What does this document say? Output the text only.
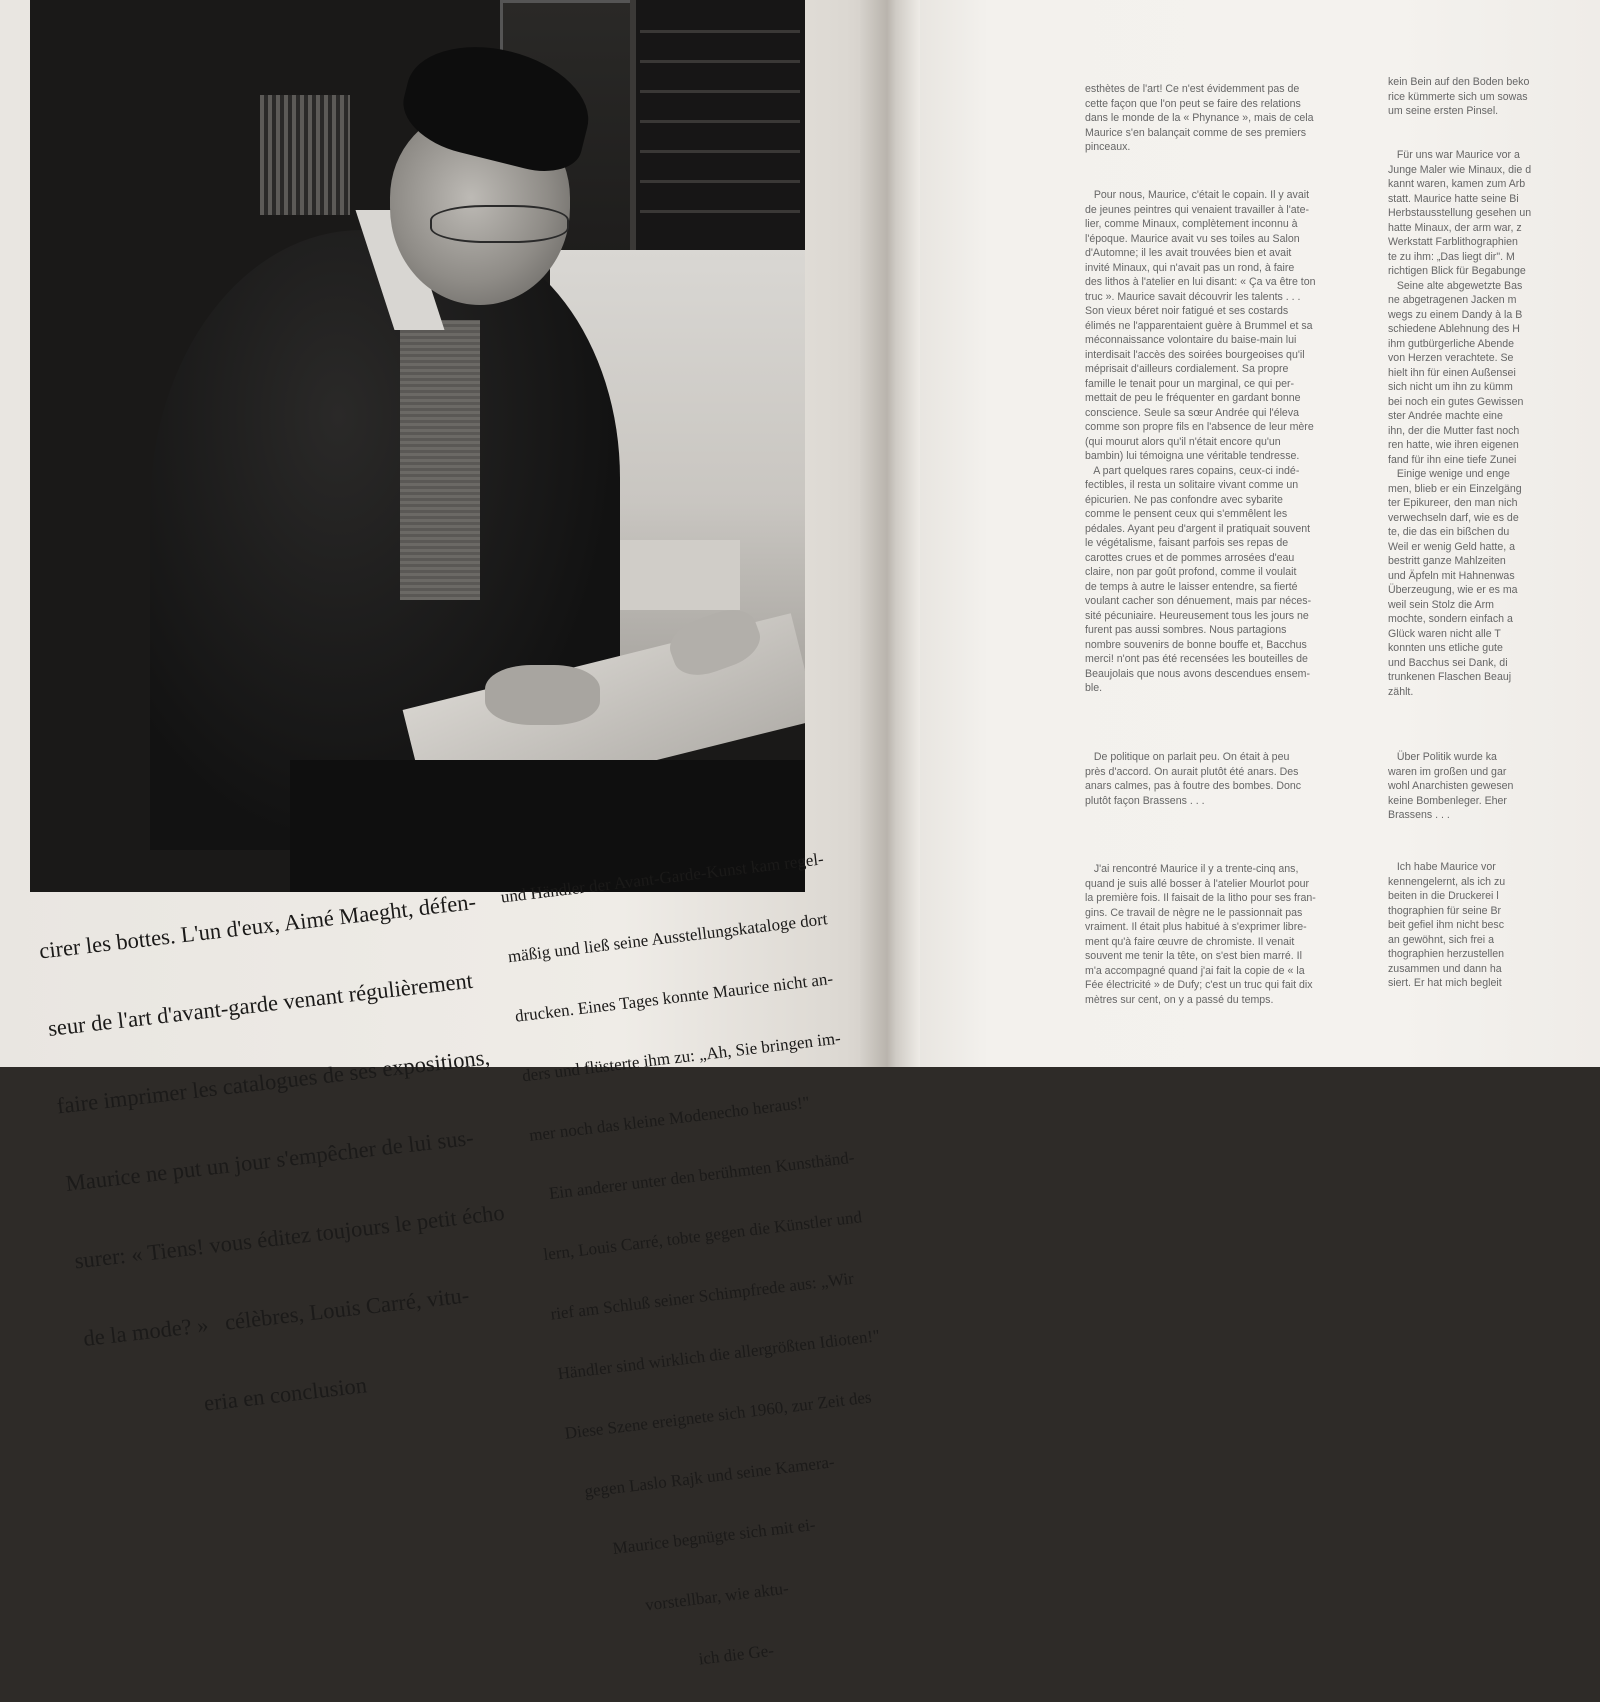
cirer les bottes. L'un d'eux, Aimé Maeght, défen-

seur de l'art d'avant-garde venant régulièrement

faire imprimer les catalogues de ses expositions,

Maurice ne put un jour s'empêcher de lui sus-

surer: « Tiens! vous éditez toujours le petit écho

de la mode? »   célèbres, Louis Carré, vitu-

eria en conclusion

und Händler der Avant-Garde-Kunst kam regel-

mäßig und ließ seine Ausstellungskataloge dort

drucken. Eines Tages konnte Maurice nicht an-

ders und flüsterte ihm zu: „Ah, Sie bringen im-

mer noch das kleine Modenecho heraus!"

Ein anderer unter den berühmten Kunsthänd-

lern, Louis Carré, tobte gegen die Künstler und

rief am Schluß seiner Schimpfrede aus: „Wir

Händler sind wirklich die allergrößten Idioten!"

Diese Szene ereignete sich 1960, zur Zeit des

gegen Laslo Rajk und seine Kamera-

Maurice begnügte sich mit ei-

vorstellbar, wie aktu-

ich die Ge-

esthètes de l'art! Ce n'est évidemment pas de

cette façon que l'on peut se faire des relations

dans le monde de la « Phynance », mais de cela

Maurice s'en balançait comme de ses premiers

pinceaux.

Pour nous, Maurice, c'était le copain. Il y avait

de jeunes peintres qui venaient travailler à l'ate-

lier, comme Minaux, complètement inconnu à

l'époque. Maurice avait vu ses toiles au Salon

d'Automne; il les avait trouvées bien et avait

invité Minaux, qui n'avait pas un rond, à faire

des lithos à l'atelier en lui disant: « Ça va être ton

truc ». Maurice savait découvrir les talents . . .

Son vieux béret noir fatigué et ses costards

élimés ne l'apparentaient guère à Brummel et sa

méconnaissance volontaire du baise-main lui

interdisait l'accès des soirées bourgeoises qu'il

méprisait d'ailleurs cordialement. Sa propre

famille le tenait pour un marginal, ce qui per-

mettait de peu le fréquenter en gardant bonne

conscience. Seule sa sœur Andrée qui l'éleva

comme son propre fils en l'absence de leur mère

(qui mourut alors qu'il n'était encore qu'un

bambin) lui témoigna une véritable tendresse.

A part quelques rares copains, ceux-ci indé-

fectibles, il resta un solitaire vivant comme un

épicurien. Ne pas confondre avec sybarite

comme le pensent ceux qui s'emmêlent les

pédales. Ayant peu d'argent il pratiquait souvent

le végétalisme, faisant parfois ses repas de

carottes crues et de pommes arrosées d'eau

claire, non par goût profond, comme il voulait

de temps à autre le laisser entendre, sa fierté

voulant cacher son dénuement, mais par néces-

sité pécuniaire. Heureusement tous les jours ne

furent pas aussi sombres. Nous partagions

nombre souvenirs de bonne bouffe et, Bacchus

merci! n'ont pas été recensées les bouteilles de

Beaujolais que nous avons descendues ensem-

ble.

De politique on parlait peu. On était à peu

près d'accord. On aurait plutôt été anars. Des

anars calmes, pas à foutre des bombes. Donc

plutôt façon Brassens . . .

J'ai rencontré Maurice il y a trente-cinq ans,

quand je suis allé bosser à l'atelier Mourlot pour

la première fois. Il faisait de la litho pour ses fran-

gins. Ce travail de nègre ne le passionnait pas

vraiment. Il était plus habitué à s'exprimer libre-

ment qu'à faire œuvre de chromiste. Il venait

souvent me tenir la tête, on s'est bien marré. Il

m'a accompagné quand j'ai fait la copie de « la

Fée électricité » de Dufy; c'est un truc qui fait dix

mètres sur cent, on y a passé du temps.

kein Bein auf den Boden beko

rice kümmerte sich um sowas

um seine ersten Pinsel.

Für uns war Maurice vor a

Junge Maler wie Minaux, die d

kannt waren, kamen zum Arb

statt. Maurice hatte seine Bi

Herbstausstellung gesehen un

hatte Minaux, der arm war, z

Werkstatt Farblithographien

te zu ihm: „Das liegt dir". M

richtigen Blick für Begabunge

Seine alte abgewetzte Bas

ne abgetragenen Jacken m

wegs zu einem Dandy à la B

schiedene Ablehnung des H

ihm gutbürgerliche Abende

von Herzen verachtete. Se

hielt ihn für einen Außensei

sich nicht um ihn zu kümm

bei noch ein gutes Gewissen

ster Andrée machte eine

ihn, der die Mutter fast noch

ren hatte, wie ihren eigenen

fand für ihn eine tiefe Zunei

Einige wenige und enge

men, blieb er ein Einzelgäng

ter Epikureer, den man nich

verwechseln darf, wie es de

te, die das ein bißchen du

Weil er wenig Geld hatte, a

bestritt ganze Mahlzeiten

und Äpfeln mit Hahnenwas

Überzeugung, wie er es ma

weil sein Stolz die Arm

mochte, sondern einfach a

Glück waren nicht alle T

konnten uns etliche gute

und Bacchus sei Dank, di

trunkenen Flaschen Beauj

zählt.

Über Politik wurde ka

waren im großen und gar

wohl Anarchisten gewesen

keine Bombenleger. Eher

Brassens . . .

Ich habe Maurice vor

kennengelernt, als ich zu

beiten in die Druckerei l

thographien für seine Br

beit gefiel ihm nicht besc

an gewöhnt, sich frei a

thographien herzustellen

zusammen und dann ha

siert. Er hat mich begleit
